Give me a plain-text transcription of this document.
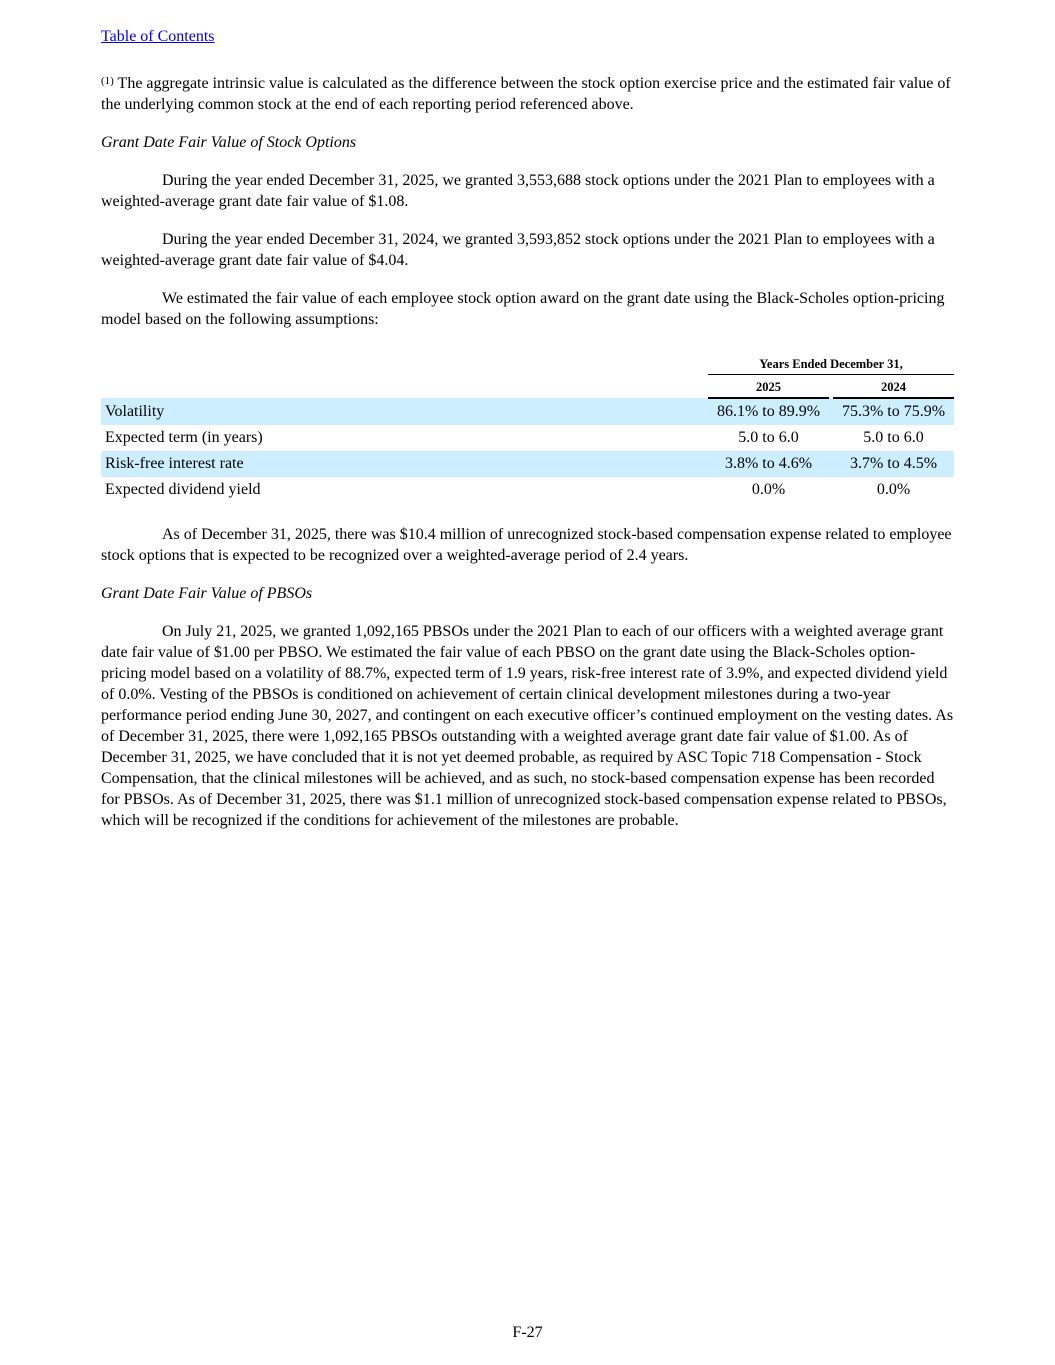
Table of Contents

$^{(1)}$ The aggregate intrinsic value is calculated as the difference between the stock option exercise price and the estimated fair value of the underlying common stock at the end of each reporting period referenced above.

Grant Date Fair Value of Stock Options

During the year ended December 31, 2025, we granted 3,553,688 stock options under the 2021 Plan to employees with a weighted-average grant date fair value of $1.08.

During the year ended December 31, 2024, we granted 3,593,852 stock options under the 2021 Plan to employees with a weighted-average grant date fair value of $4.04.

We estimated the fair value of each employee stock option award on the grant date using the Black-Scholes option-pricing model based on the following assumptions:

	Years Ended December 31,		
	2025		2024
Volatility	86.1% to 89.9%		75.3% to 75.9%
Expected term (in years)	5.0 to 6.0		5.0 to 6.0
Risk-free interest rate	3.8% to 4.6%		3.7% to 4.5%
Expected dividend yield	0.0%		0.0%

As of December 31, 2025, there was $10.4 million of unrecognized stock-based compensation expense related to employee stock options that is expected to be recognized over a weighted-average period of 2.4 years.

Grant Date Fair Value of PBSOs

On July 21, 2025, we granted 1,092,165 PBSOs under the 2021 Plan to each of our officers with a weighted average grant date fair value of $1.00 per PBSO. We estimated the fair value of each PBSO on the grant date using the Black-Scholes option-pricing model based on a volatility of 88.7%, expected term of 1.9 years, risk-free interest rate of 3.9%, and expected dividend yield of 0.0%. Vesting of the PBSOs is conditioned on achievement of certain clinical development milestones during a two-year performance period ending June 30, 2027, and contingent on each executive officer’s continued employment on the vesting dates. As of December 31, 2025, there were 1,092,165 PBSOs outstanding with a weighted average grant date fair value of $1.00. As of December 31, 2025, we have concluded that it is not yet deemed probable, as required by ASC Topic 718 Compensation - Stock Compensation, that the clinical milestones will be achieved, and as such, no stock-based compensation expense has been recorded for PBSOs. As of December 31, 2025, there was $1.1 million of unrecognized stock-based compensation expense related to PBSOs, which will be recognized if the conditions for achievement of the milestones are probable.

F-27
